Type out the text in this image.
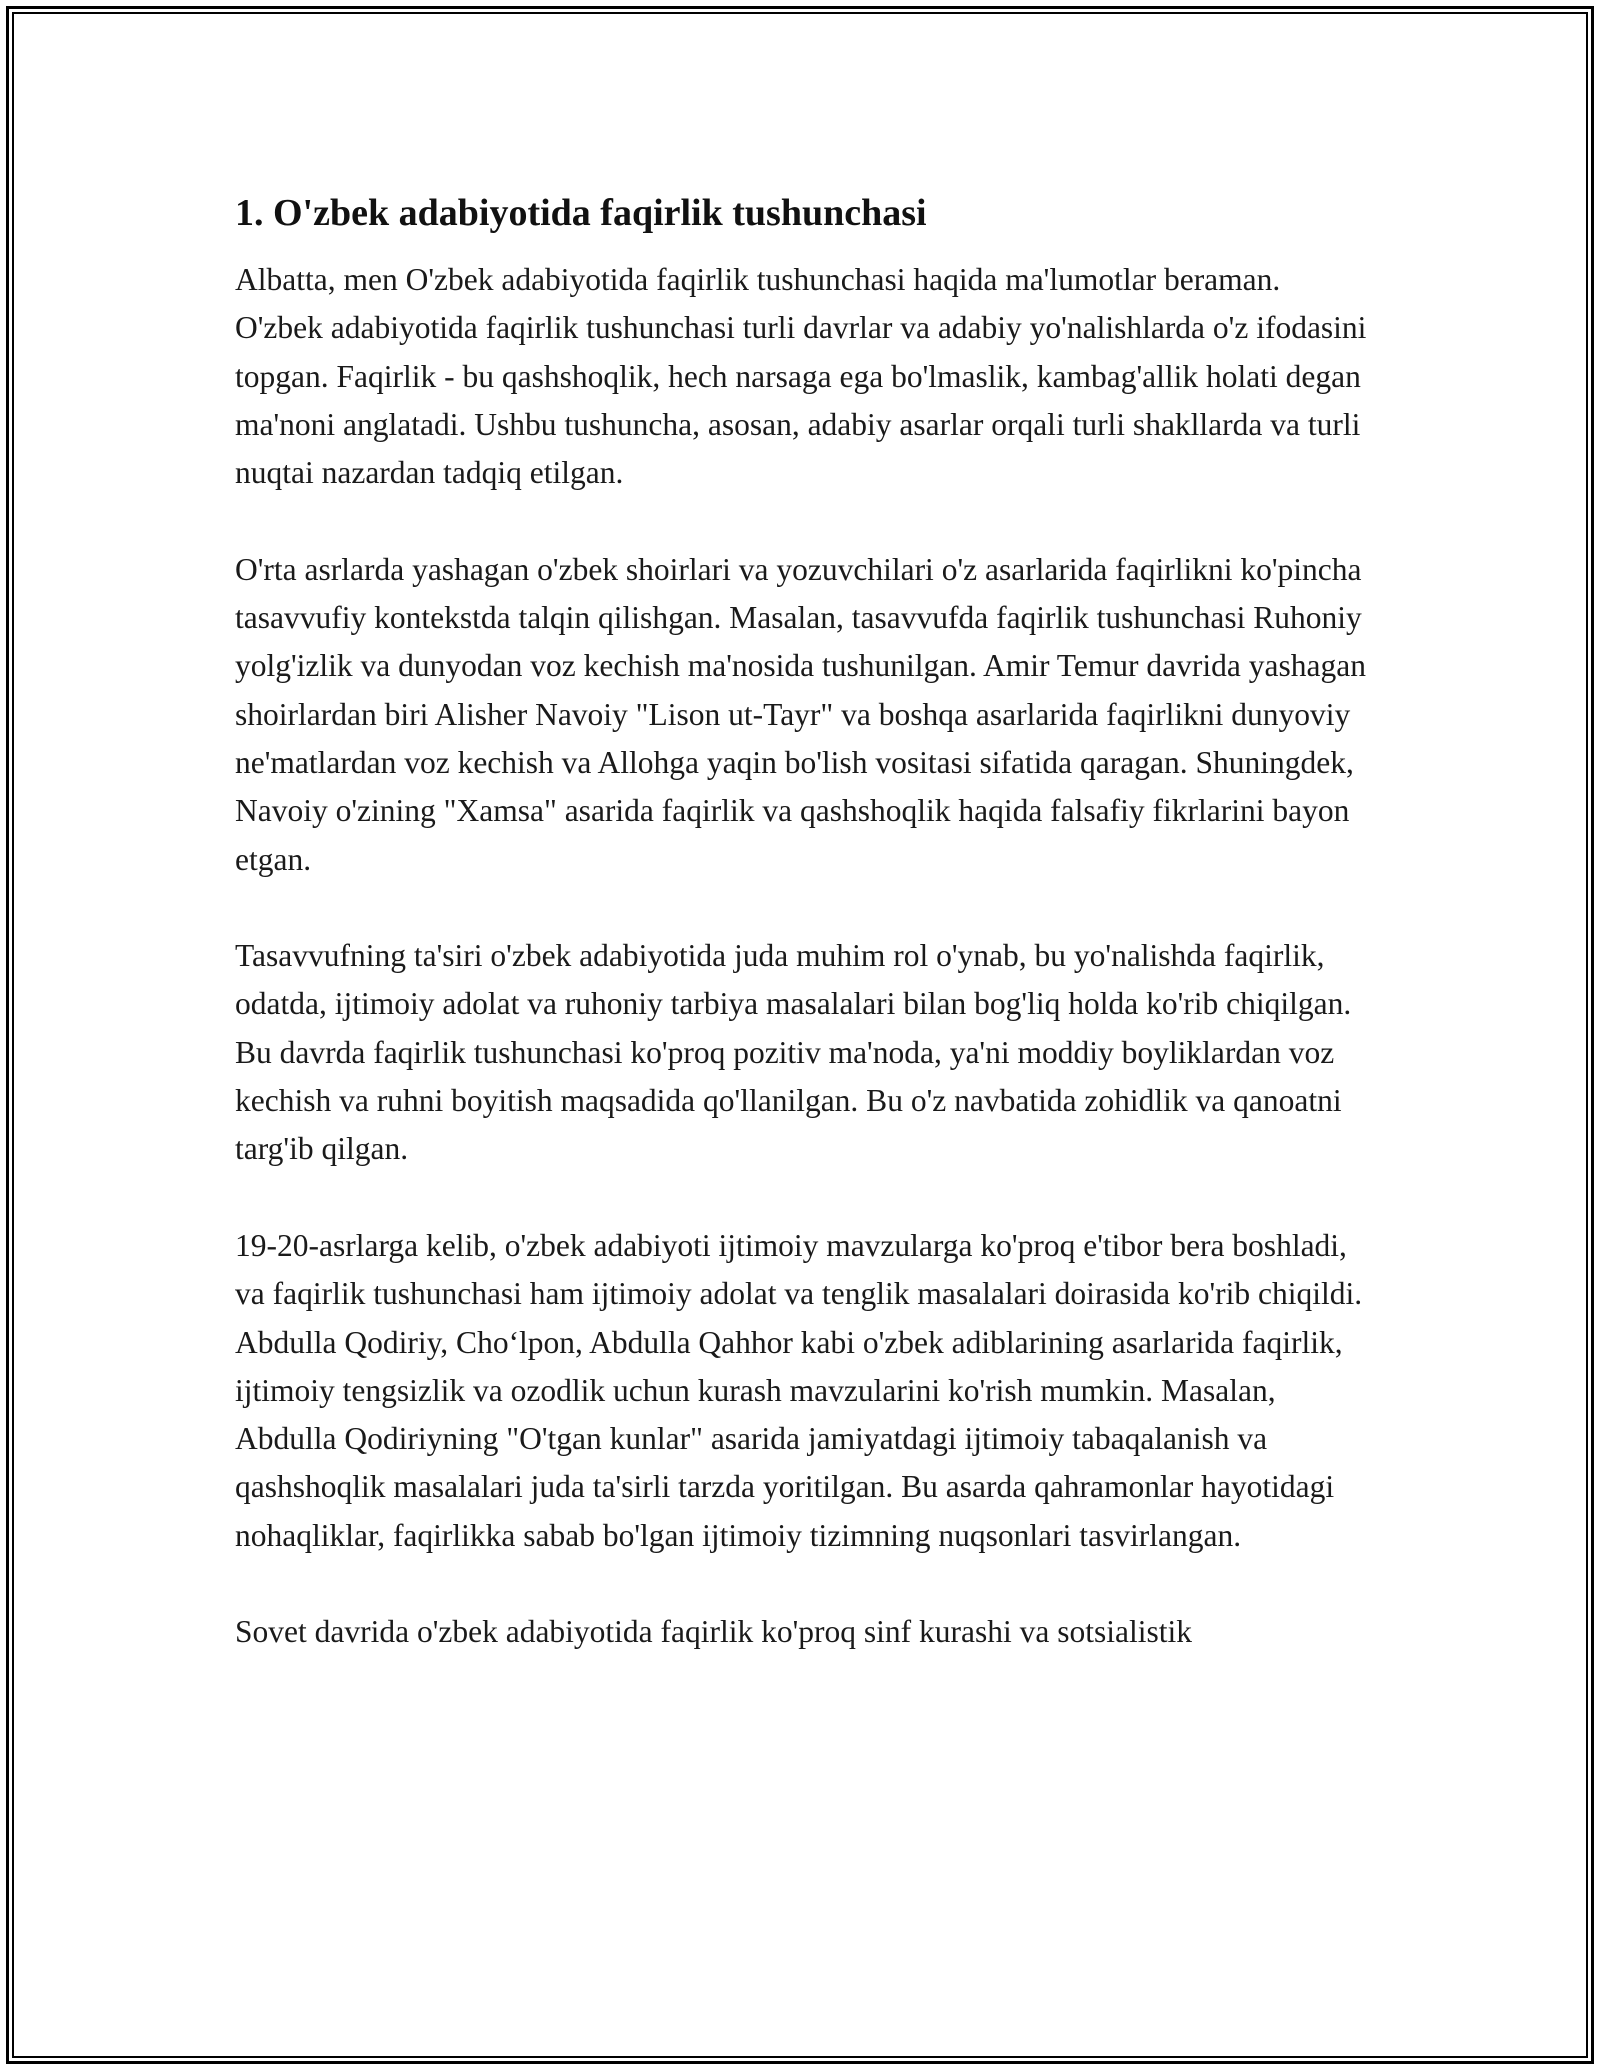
1. O'zbek adabiyotida faqirlik tushunchasi

Albatta, men O'zbek adabiyotida faqirlik tushunchasi haqida ma'lumotlar beraman. O'zbek adabiyotida faqirlik tushunchasi turli davrlar va adabiy yo'nalishlarda o'z ifodasini topgan. Faqirlik - bu qashshoqlik, hech narsaga ega bo'lmaslik, kambag'allik holati degan ma'noni anglatadi. Ushbu tushuncha, asosan, adabiy asarlar orqali turli shakllarda va turli nuqtai nazardan tadqiq etilgan.

O'rta asrlarda yashagan o'zbek shoirlari va yozuvchilari o'z asarlarida faqirlikni ko'pincha tasavvufiy kontekstda talqin qilishgan. Masalan, tasavvufda faqirlik tushunchasi Ruhoniy yolg'izlik va dunyodan voz kechish ma'nosida tushunilgan. Amir Temur davrida yashagan shoirlardan biri Alisher Navoiy "Lison ut-Tayr" va boshqa asarlarida faqirlikni dunyoviy ne'matlardan voz kechish va Allohga yaqin bo'lish vositasi sifatida qaragan. Shuningdek, Navoiy o'zining "Xamsa" asarida faqirlik va qashshoqlik haqida falsafiy fikrlarini bayon etgan.

Tasavvufning ta'siri o'zbek adabiyotida juda muhim rol o'ynab, bu yo'nalishda faqirlik, odatda, ijtimoiy adolat va ruhoniy tarbiya masalalari bilan bog'liq holda ko'rib chiqilgan. Bu davrda faqirlik tushunchasi ko'proq pozitiv ma'noda, ya'ni moddiy boyliklardan voz kechish va ruhni boyitish maqsadida qo'llanilgan. Bu o'z navbatida zohidlik va qanoatni targ'ib qilgan.

19-20-asrlarga kelib, o'zbek adabiyoti ijtimoiy mavzularga ko'proq e'tibor bera boshladi, va faqirlik tushunchasi ham ijtimoiy adolat va tenglik masalalari doirasida ko'rib chiqildi. Abdulla Qodiriy, Cho‘lpon, Abdulla Qahhor kabi o'zbek adiblarining asarlarida faqirlik, ijtimoiy tengsizlik va ozodlik uchun kurash mavzularini ko'rish mumkin. Masalan, Abdulla Qodiriyning "O'tgan kunlar" asarida jamiyatdagi ijtimoiy tabaqalanish va qashshoqlik masalalari juda ta'sirli tarzda yoritilgan. Bu asarda qahramonlar hayotidagi nohaqliklar, faqirlikka sabab bo'lgan ijtimoiy tizimning nuqsonlari tasvirlangan.

Sovet davrida o'zbek adabiyotida faqirlik ko'proq sinf kurashi va sotsialistik
